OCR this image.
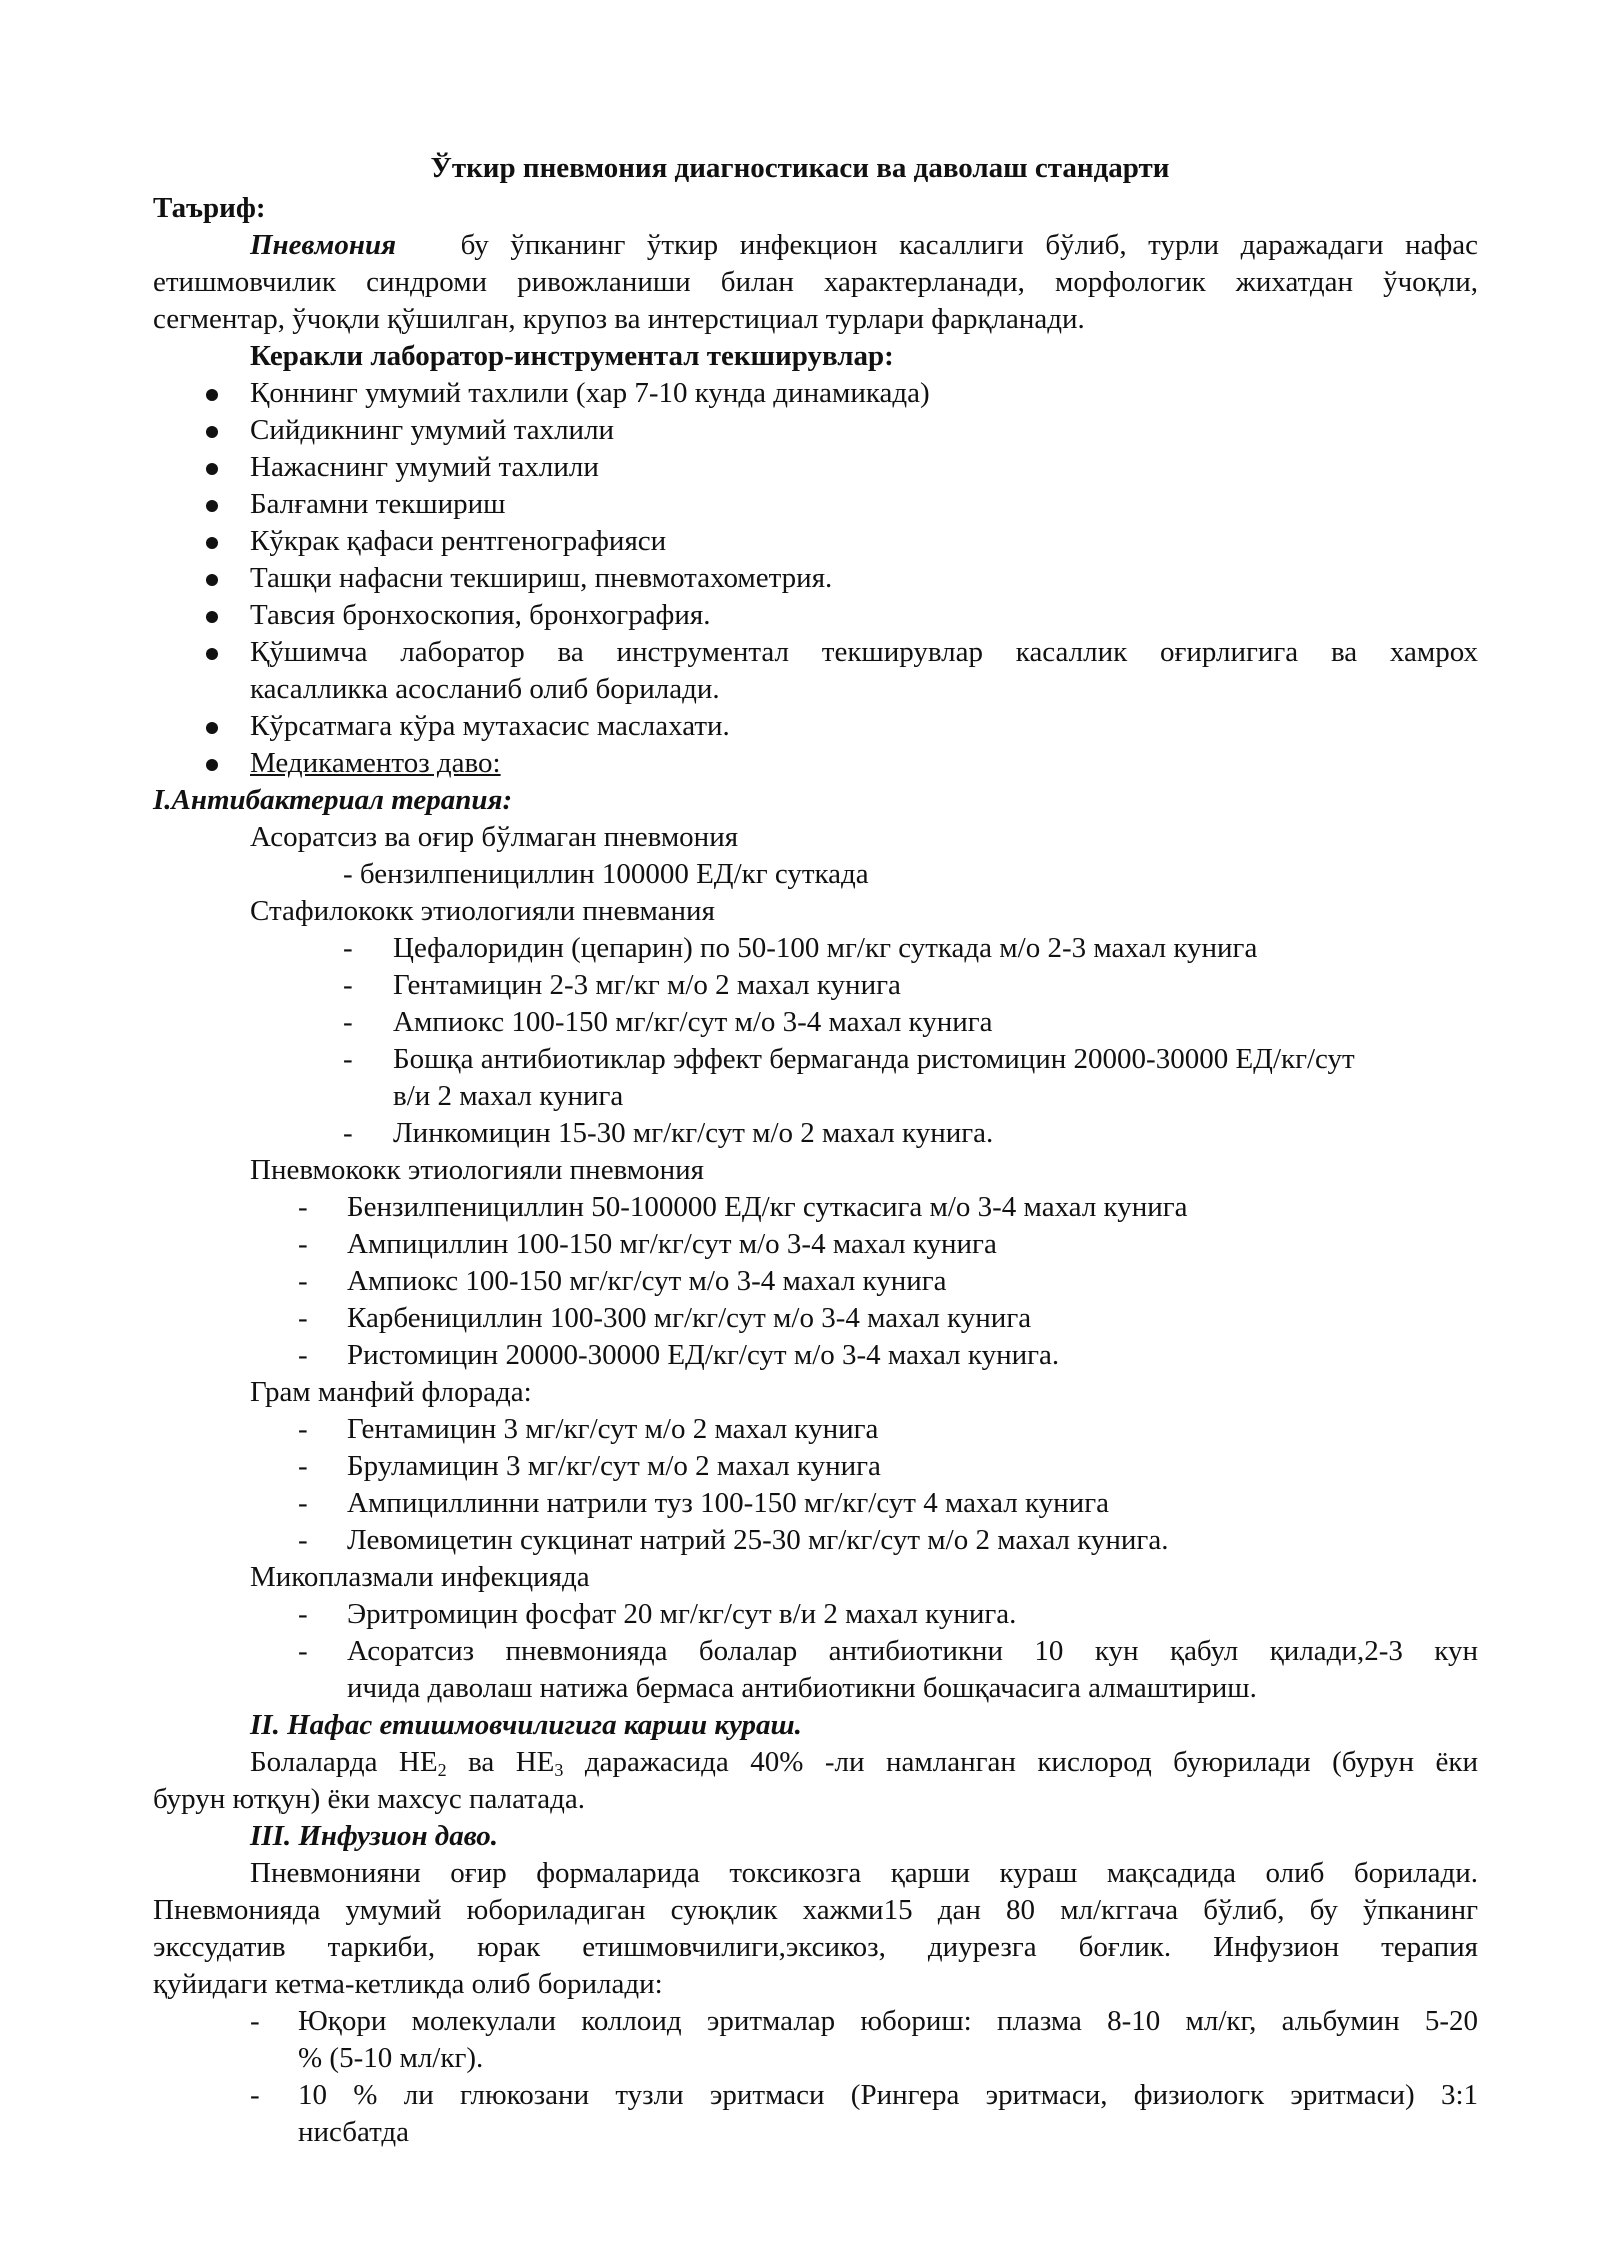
Ўткир пневмония диагностикаси ва даволаш стандарти
Таъриф:
Пневмония бу ўпканинг ўткир инфекцион касаллиги бўлиб, турли даражадаги нафас
етишмовчилик синдроми ривожланиши билан характерланади, морфологик жихатдан ўчоқли,
сегментар, ўчоқли қўшилган, крупоз ва интерстициал турлари фарқланади.
Керакли лаборатор-инструментал текширувлар:
Қоннинг умумий тахлили (хар 7-10 кунда динамикада)
Сийдикнинг умумий тахлили
Нажаснинг умумий тахлили
Балғамни текшириш
Кўкрак қафаси рентгенографияси
Ташқи нафасни текшириш, пневмотахометрия.
Тавсия бронхоскопия, бронхография.
Қўшимча лаборатор ва инструментал текширувлар касаллик оғирлигига ва хамрох
касалликка асосланиб олиб борилади.
Кўрсатмага кўра мутахасис маслахати.
Медикаментоз даво:
I.Антибактериал терапия:
Асоратсиз ва оғир бўлмаган пневмония
- бензилпенициллин 100000 ЕД/кг суткада
Стафилококк этиологияли пневмания
- Цефалоридин (цепарин) по 50-100 мг/кг суткада м/о 2-3 махал кунига
- Гентамицин 2-3 мг/кг м/о 2 махал кунига
- Ампиокс 100-150 мг/кг/сут м/о 3-4 махал кунига
- Бошқа антибиотиклар эффект бермаганда ристомицин 20000-30000 ЕД/кг/сут
в/и 2 махал кунига
- Линкомицин 15-30 мг/кг/сут м/о 2 махал кунига.
Пневмококк этиологияли пневмония
- Бензилпенициллин 50-100000 ЕД/кг суткасига м/о 3-4 махал кунига
- Ампициллин 100-150 мг/кг/сут м/о 3-4 махал кунига
- Ампиокс 100-150 мг/кг/сут м/о 3-4 махал кунига
- Карбенициллин 100-300 мг/кг/сут м/о 3-4 махал кунига
- Ристомицин 20000-30000 ЕД/кг/сут м/о 3-4 махал кунига.
Грам манфий флорада:
- Гентамицин 3 мг/кг/сут м/о 2 махал кунига
- Бруламицин 3 мг/кг/сут м/о 2 махал кунига
- Ампициллинни натрили туз 100-150 мг/кг/сут 4 махал кунига
- Левомицетин сукцинат натрий 25-30 мг/кг/сут м/о 2 махал кунига.
Микоплазмали инфекцияда
- Эритромицин фосфат 20 мг/кг/сут в/и 2 махал кунига.
- Асоратсиз пневмонияда болалар антибиотикни 10 кун қабул қилади,2-3 кун
ичида даволаш натижа бермаса антибиотикни бошқачасига алмаштириш.
II. Нафас етишмовчилигига карши кураш.
Болаларда $НЕ_2$ ва $НЕ_3$ даражасида 40% -ли намланган кислород буюрилади (бурун ёки
бурун ютқун) ёки махсус палатада.
III. Инфузион даво.
Пневмонияни оғир формаларида токсикозга қарши кураш мақсадида олиб борилади.
Пневмонияда умумий юбориладиган суюқлик хажми15 дан 80 мл/кггача бўлиб, бу ўпканинг
экссудатив таркиби, юрак етишмовчилиги,эксикоз, диурезга боғлик. Инфузион терапия
қуйидаги кетма-кетликда олиб борилади:
- Юқори молекулали коллоид эритмалар юбориш: плазма 8-10 мл/кг, альбумин 5-20
% (5-10 мл/кг).
- 10 % ли глюкозани тузли эритмаси (Рингера эритмаси, физиологк эритмаси) 3:1
нисбатда
